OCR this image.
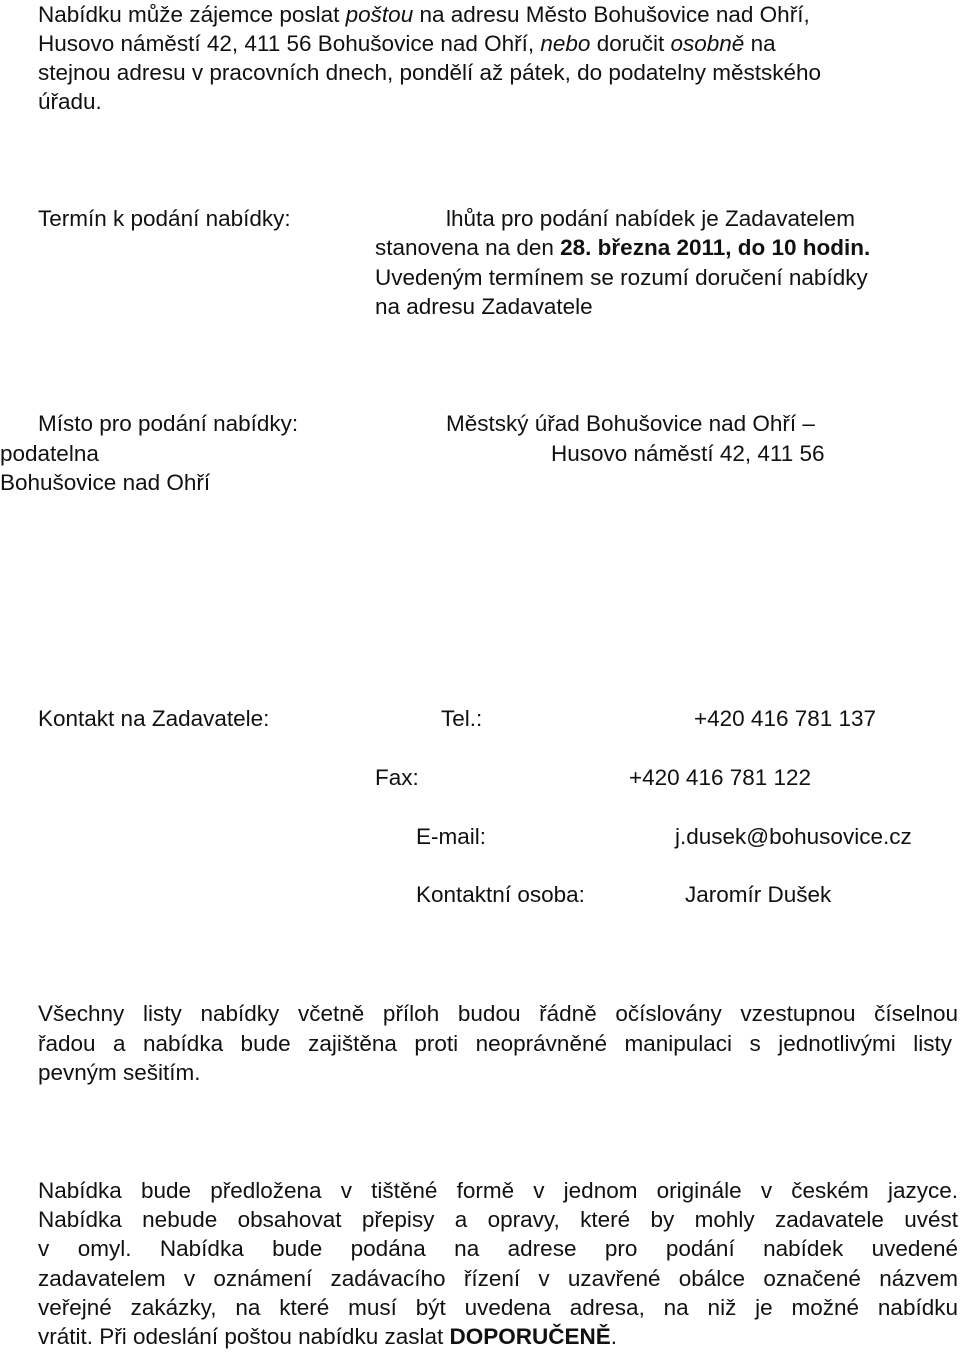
Nabídku může zájemce poslat poštou na adresu Město Bohušovice nad Ohří,
Husovo náměstí 42, 411 56 Bohušovice nad Ohří, nebo doručit osobně na
stejnou adresu v pracovních dnech, pondělí až pátek, do podatelny městského
úřadu.
Termín k podání nabídky:	lhůta pro podání nabídek je Zadavatelem
stanovena na den 28. března 2011, do 10 hodin.
Uvedeným termínem se rozumí doručení nabídky
na adresu Zadavatele
Místo pro podání nabídky:	Městský úřad Bohušovice nad Ohří –
podatelna	Husovo náměstí 42, 411 56
Bohušovice nad Ohří
Kontakt na Zadavatele:	Tel.:	+420 416 781 137
Fax:	+420 416 781 122
E-mail:	j.dusek@bohusovice.cz
Kontaktní osoba:	Jaromír Dušek
Všechny listy nabídky včetně příloh budou řádně očíslovány vzestupnou číselnou
řadou a nabídka bude zajištěna proti neoprávněné manipulaci s jednotlivými listy
pevným sešitím.
Nabídka bude předložena v tištěné formě v jednom originále v českém jazyce.
Nabídka nebude obsahovat přepisy a opravy, které by mohly zadavatele uvést
v omyl. Nabídka bude podána na adrese pro podání nabídek uvedené
zadavatelem v oznámení zadávacího řízení v uzavřené obálce označené názvem
veřejné zakázky, na které musí být uvedena adresa, na niž je možné nabídku
vrátit. Při odeslání poštou nabídku zaslat DOPORUČENĚ.
